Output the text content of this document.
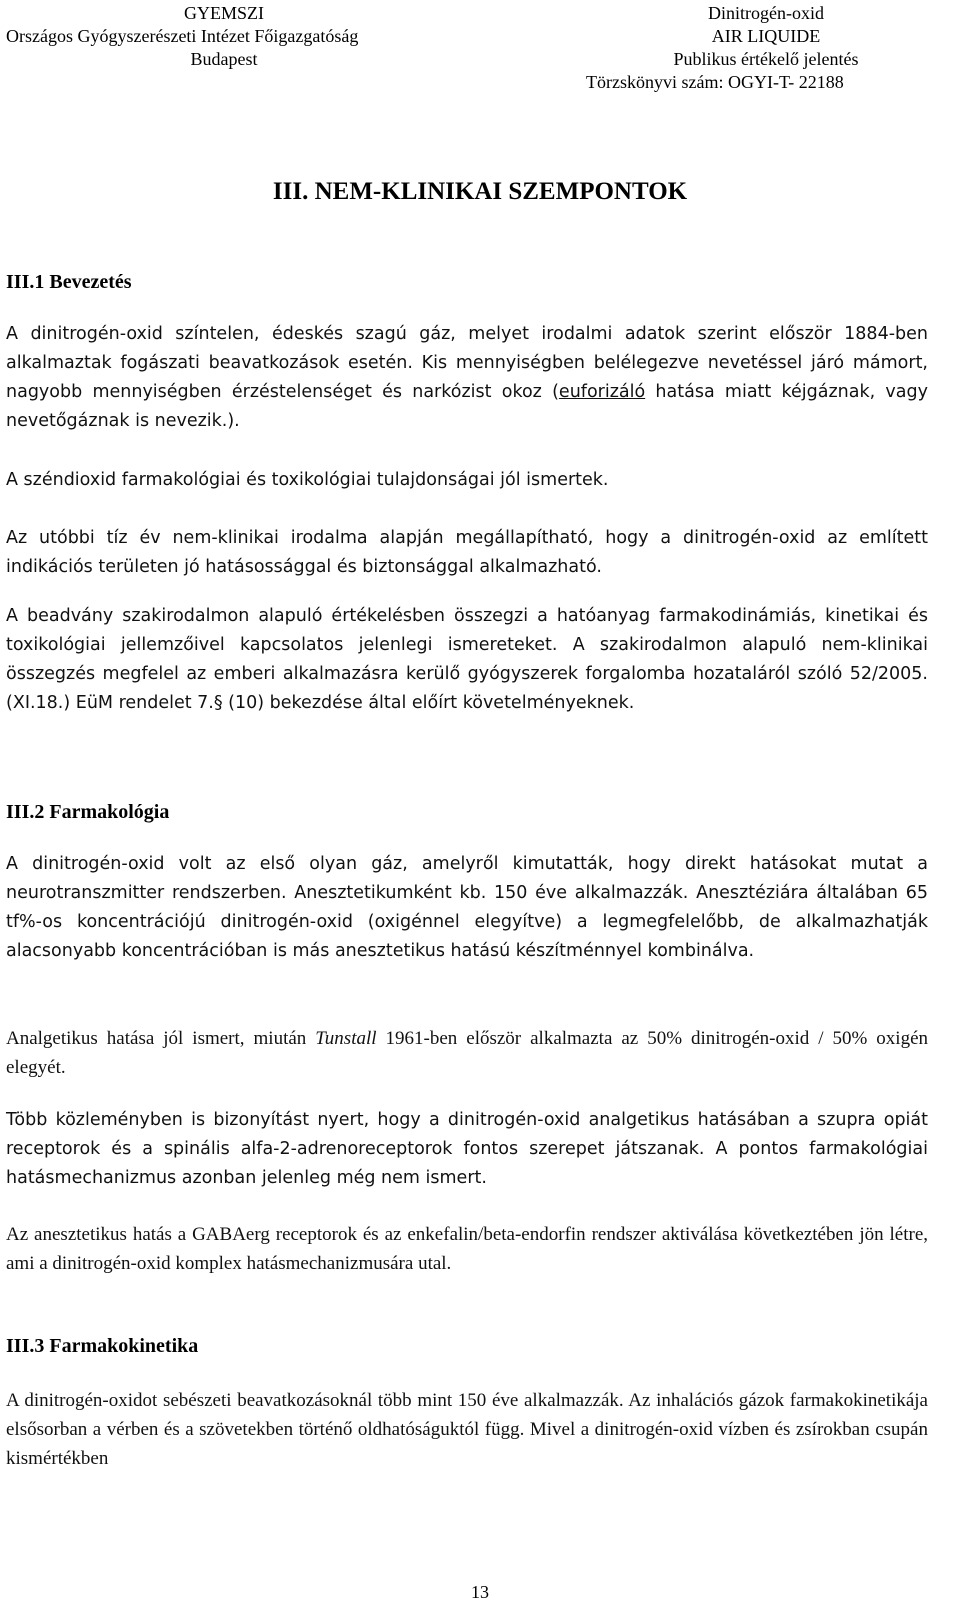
GYEMSZI
Országos Gyógyszerészeti Intézet Főigazgatóság
Budapest
Dinitrogén-oxid
AIR LIQUIDE
Publikus értékelő jelentés
Törzskönyvi szám: OGYI-T- 22188
III. NEM-KLINIKAI SZEMPONTOK
III.1 Bevezetés
A dinitrogén-oxid színtelen, édeskés szagú gáz, melyet irodalmi adatok szerint először 1884-ben alkalmaztak fogászati beavatkozások esetén. Kis mennyiségben belélegezve nevetéssel járó mámort, nagyobb mennyiségben érzéstelenséget és narkózist okoz (euforizáló hatása miatt kéjgáznak, vagy nevetőgáznak is nevezik.).
A széndioxid farmakológiai és toxikológiai tulajdonságai jól ismertek.
Az utóbbi tíz év nem-klinikai irodalma alapján megállapítható, hogy a dinitrogén-oxid az említett indikációs területen jó hatásossággal és biztonsággal alkalmazható.
A beadvány szakirodalmon alapuló értékelésben összegzi a hatóanyag farmakodinámiás, kinetikai és toxikológiai jellemzőivel kapcsolatos jelenlegi ismereteket. A szakirodalmon alapuló nem-klinikai összegzés megfelel az emberi alkalmazásra kerülő gyógyszerek forgalomba hozataláról szóló 52/2005. (XI.18.) EüM rendelet 7.§ (10) bekezdése által előírt követelményeknek.
III.2 Farmakológia
A dinitrogén-oxid volt az első olyan gáz, amelyről kimutatták, hogy direkt hatásokat mutat a neurotranszmitter rendszerben. Anesztetikumként kb. 150 éve alkalmazzák. Anesztéziára általában 65 tf%-os koncentrációjú dinitrogén-oxid (oxigénnel elegyítve) a legmegfelelőbb, de alkalmazhatják alacsonyabb koncentrációban is más anesztetikus hatású készítménnyel kombinálva.
Analgetikus hatása jól ismert, miután Tunstall 1961-ben először alkalmazta az 50% dinitrogén-oxid / 50% oxigén elegyét.
Több közleményben is bizonyítást nyert, hogy a dinitrogén-oxid analgetikus hatásában a szupra opiát receptorok és a spinális alfa-2-adrenoreceptorok fontos szerepet játszanak. A pontos farmakológiai hatásmechanizmus azonban jelenleg még nem ismert.
Az anesztetikus hatás a GABAerg receptorok és az enkefalin/beta-endorfin rendszer aktiválása következtében jön létre, ami a dinitrogén-oxid komplex hatásmechanizmusára utal.
III.3 Farmakokinetika
A dinitrogén-oxidot sebészeti beavatkozásoknál több mint 150 éve alkalmazzák. Az inhalációs gázok farmakokinetikája elsősorban a vérben és a szövetekben történő oldhatóságuktól függ. Mivel a dinitrogén-oxid vízben és zsírokban csupán kismértékben
13
